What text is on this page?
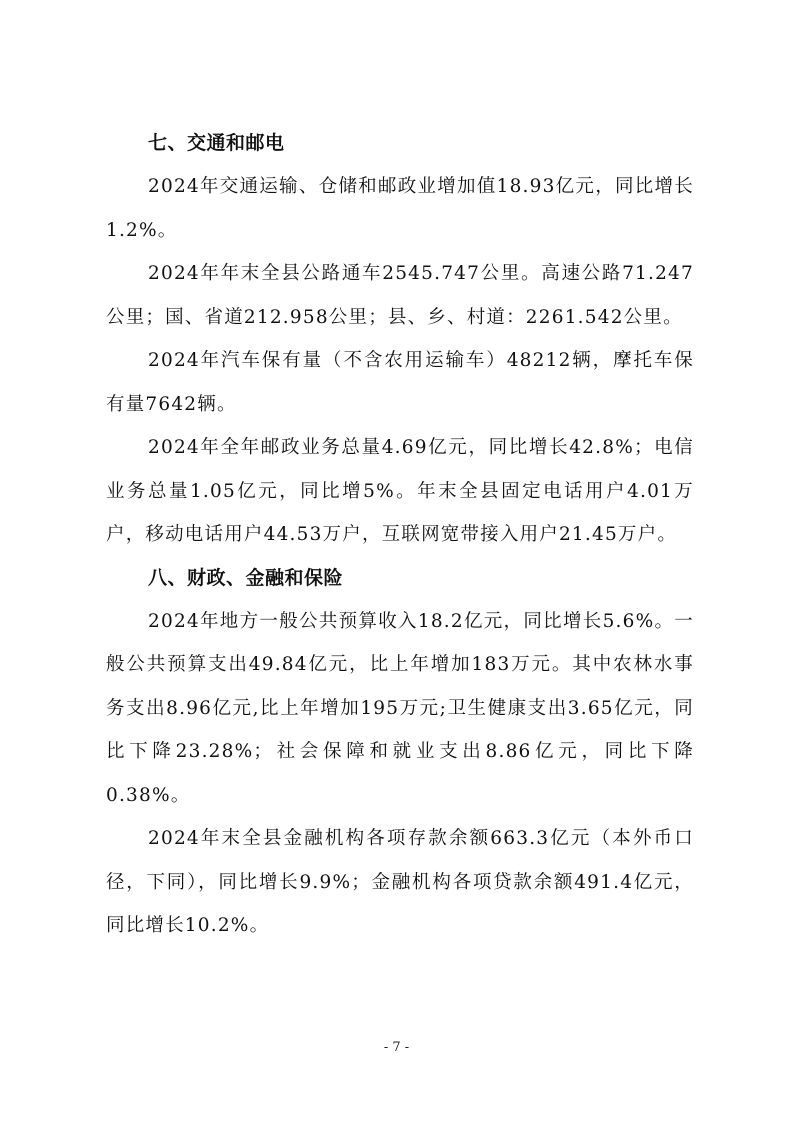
七、交通和邮电

2024年交通运输、仓储和邮政业增加值18.93亿元，同比增长1.2%。

2024年年末全县公路通车2545.747公里。高速公路71.247公里；国、省道212.958公里；县、乡、村道：2261.542公里。

2024年汽车保有量（不含农用运输车）48212辆，摩托车保有量7642辆。

2024年全年邮政业务总量4.69亿元，同比增长42.8%；电信业务总量1.05亿元，同比增5%。年末全县固定电话用户4.01万户，移动电话用户44.53万户，互联网宽带接入用户21.45万户。

八、财政、金融和保险

2024年地方一般公共预算收入18.2亿元，同比增长5.6%。一般公共预算支出49.84亿元，比上年增加183万元。其中农林水事务支出8.96亿元,比上年增加195万元;卫生健康支出3.65亿元，同比下降23.28%；社会保障和就业支出8.86亿元，同比下降0.38%。

2024年末全县金融机构各项存款余额663.3亿元（本外币口径，下同），同比增长9.9%；金融机构各项贷款余额491.4亿元，同比增长10.2%。

- 7 -
